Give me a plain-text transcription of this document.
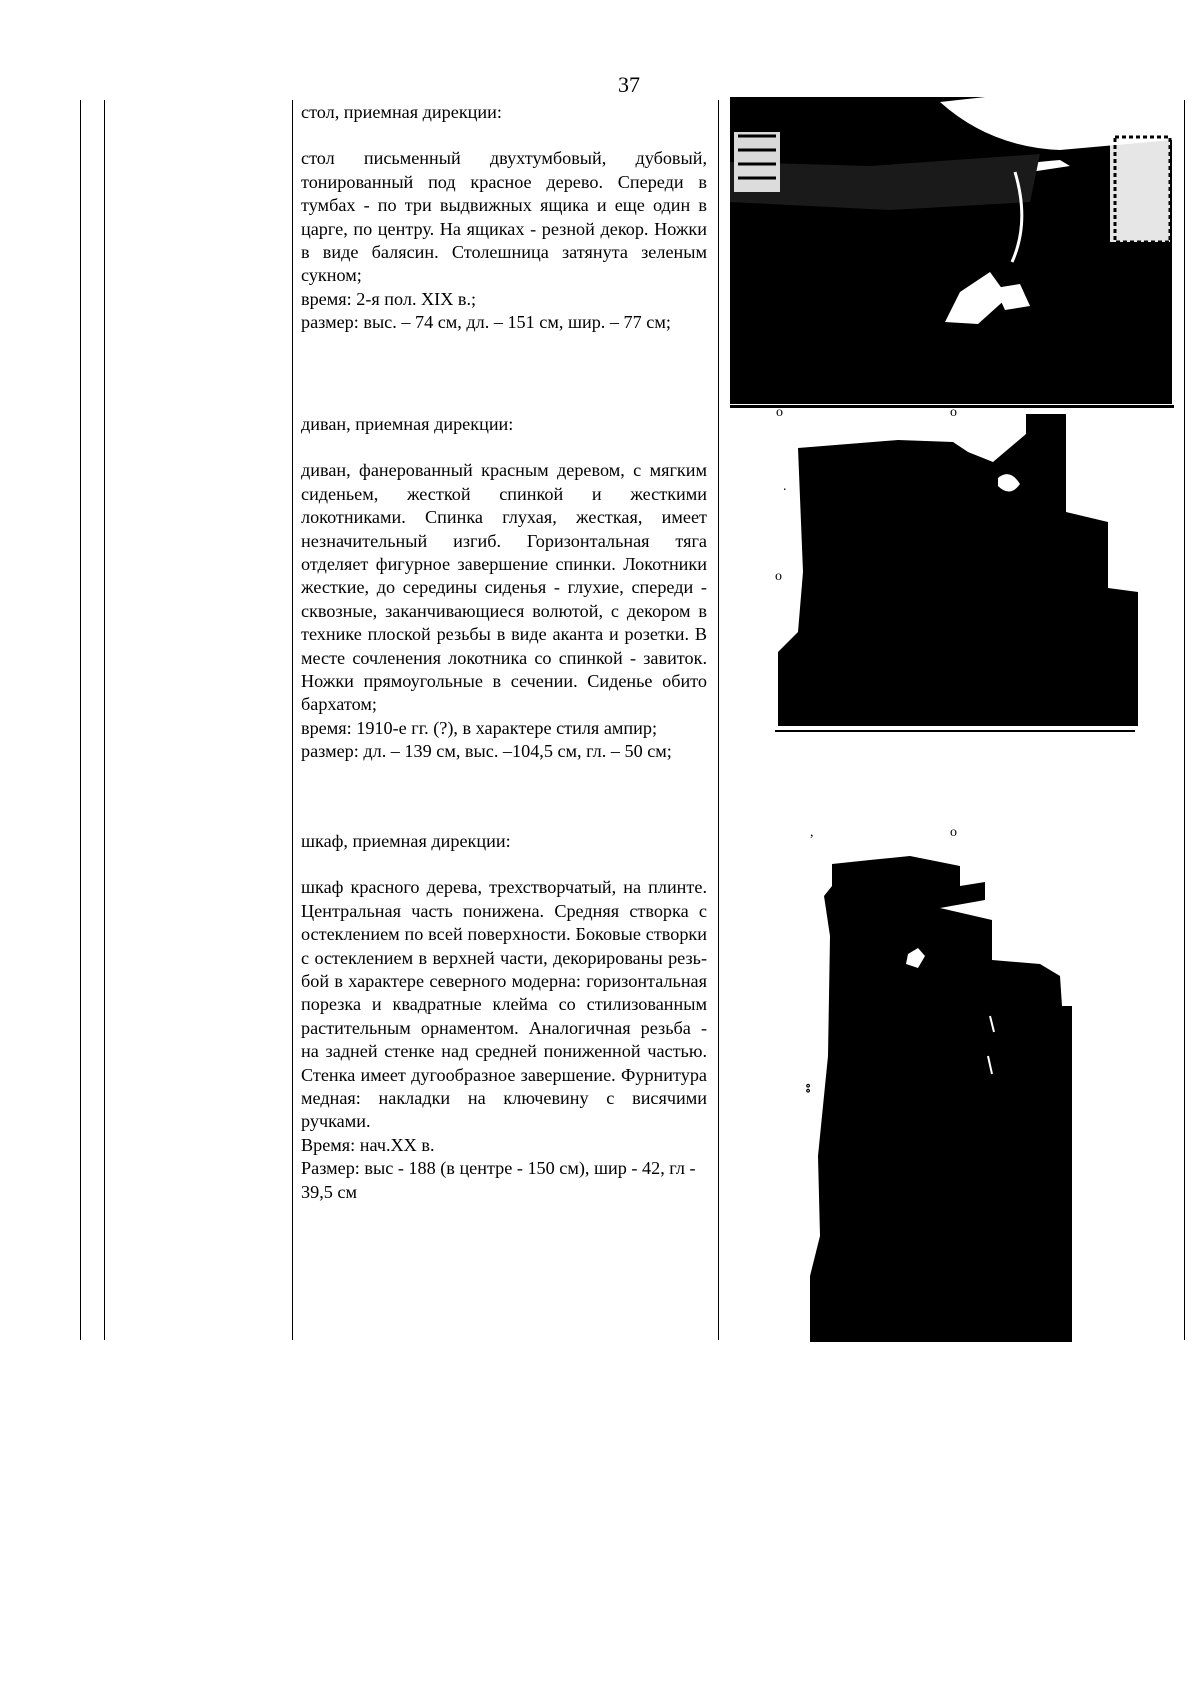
37

стол, приемная дирекции:

стол письменный двухтумбовый, дубовый, тонированный под красное дерево. Спереди в тумбах - по три выдвижных ящика и еще один в царге, по центру. На ящиках - резной декор. Ножки в виде балясин. Столешница затянута зеленым сукном;

время: 2-я пол. XIX в.;

размер: выс. – 74 см, дл. – 151 см, шир. – 77 см;

диван, приемная дирекции:

диван, фанерованный красным деревом, с мягким сиденьем, жесткой спинкой и жесткими локотниками. Спинка глухая, жесткая, имеет незначительный изгиб. Горизонтальная тяга отделяет фигурное завершение спинки. Локотники жесткие, до середины сиденья - глухие, спереди - сквозные, заканчивающиеся волютой, с декором в технике плоской резьбы в виде аканта и розетки. В месте сочленения локотника со спинкой - завиток. Ножки прямоугольные в сечении. Сиденье обито бархатом;

время: 1910-е гг. (?), в характере стиля ампир;

размер: дл. – 139 см, выс. –104,5 см, гл. – 50 см;

шкаф, приемная дирекции:

шкаф красного дерева, трехстворчатый, на плинте. Центральная часть понижена. Средняя створка с остеклением по всей поверхности. Боковые створки с остеклением в верхней части, декорированы резь- бой в характере северного модерна: горизонтальная порезка и квадратные клейма со стилизованным растительным орнаментом. Аналогичная резьба - на задней стенке над средней пониженной частью. Стенка имеет дугообразное завершение. Фурнитура медная: накладки на ключевину с висячими ручками.

Время: нач.XX в.

Размер: выс - 188 (в центре - 150 см), шир - 42, гл - 39,5 см

o	o
o
.
,	o
⦂
